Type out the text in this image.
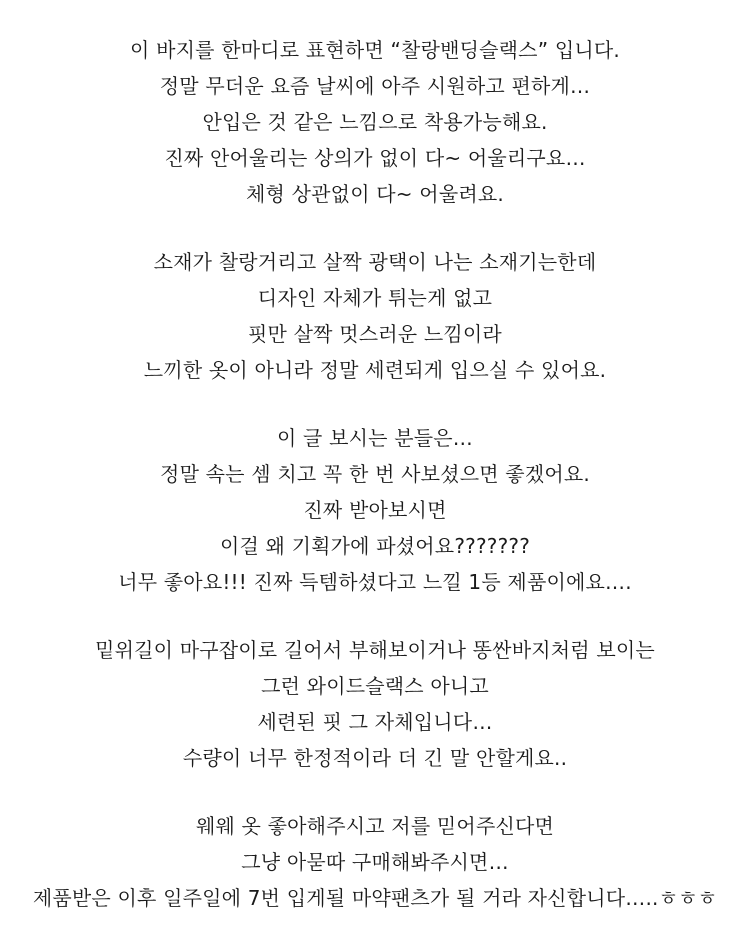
이 바지를 한마디로 표현하면 “찰랑밴딩슬랙스” 입니다.
정말 무더운 요즘 날씨에 아주 시원하고 편하게…
안입은 것 같은 느낌으로 착용가능해요.
진짜 안어울리는 상의가 없이 다~ 어울리구요…
체형 상관없이 다~ 어울려요.
소재가 찰랑거리고 살짝 광택이 나는 소재기는한데
디자인 자체가 튀는게 없고
핏만 살짝 멋스러운 느낌이라
느끼한 옷이 아니라 정말 세련되게 입으실 수 있어요.
이 글 보시는 분들은…
정말 속는 셈 치고 꼭 한 번 사보셨으면 좋겠어요.
진짜 받아보시면
이걸 왜 기획가에 파셨어요???????
너무 좋아요!!! 진짜 득템하셨다고 느낄 1등 제품이에요….
밑위길이 마구잡이로 길어서 부해보이거나 똥싼바지처럼 보이는
그런 와이드슬랙스 아니고
세련된 핏 그 자체입니다…
수량이 너무 한정적이라 더 긴 말 안할게요..
웨웨 옷 좋아해주시고 저를 믿어주신다면
그냥 아묻따 구매해봐주시면…
제품받은 이후 일주일에 7번 입게될 마약팬츠가 될 거라 자신합니다…..ㅎㅎㅎ
